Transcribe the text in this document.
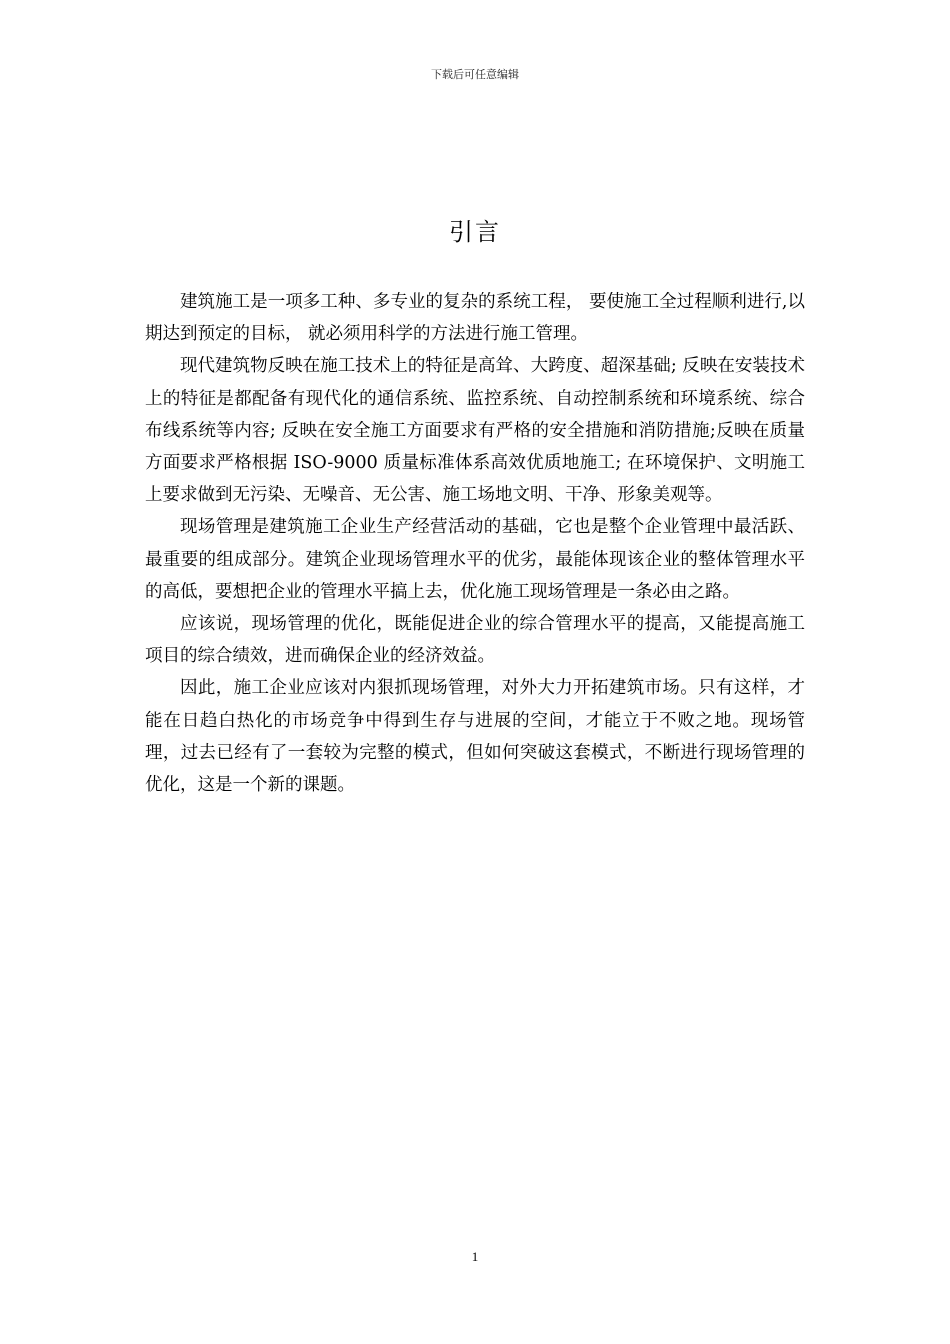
下载后可任意编辑
引言

建筑施工是一项多工种、多专业的复杂的系统工程， 要使施工全过程顺利进行,以期达到预定的目标， 就必须用科学的方法进行施工管理。

现代建筑物反映在施工技术上的特征是高耸、大跨度、超深基础; 反映在安装技术上的特征是都配备有现代化的通信系统、监控系统、自动控制系统和环境系统、综合布线系统等内容; 反映在安全施工方面要求有严格的安全措施和消防措施;反映在质量方面要求严格根据 ISO-9000 质量标准体系高效优质地施工; 在环境保护、文明施工上要求做到无污染、无噪音、无公害、施工场地文明、干净、形象美观等。

现场管理是建筑施工企业生产经营活动的基础，它也是整个企业管理中最活跃、最重要的组成部分。建筑企业现场管理水平的优劣，最能体现该企业的整体管理水平的高低，要想把企业的管理水平搞上去，优化施工现场管理是一条必由之路。

应该说，现场管理的优化，既能促进企业的综合管理水平的提高，又能提高施工项目的综合绩效，进而确保企业的经济效益。

因此，施工企业应该对内狠抓现场管理，对外大力开拓建筑市场。只有这样，才能在日趋白热化的市场竞争中得到生存与进展的空间，才能立于不败之地。现场管理，过去已经有了一套较为完整的模式，但如何突破这套模式，不断进行现场管理的优化，这是一个新的课题。

1
